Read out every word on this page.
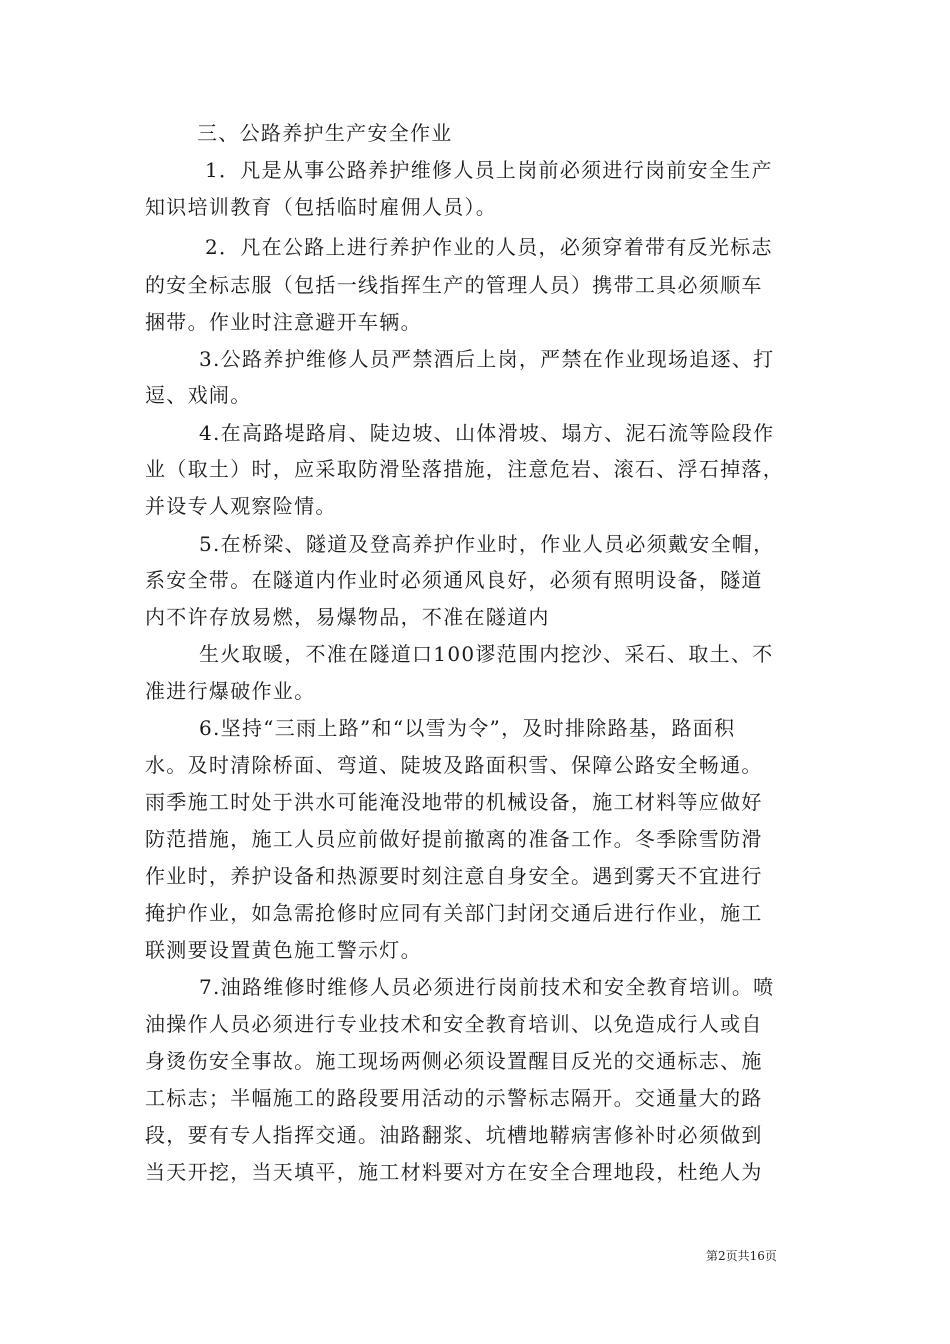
三、公路养护生产安全作业
1．凡是从事公路养护维修人员上岗前必须进行岗前安全生产
知识培训教育（包括临时雇佣人员）。
2．凡在公路上进行养护作业的人员，必须穿着带有反光标志
的安全标志服（包括一线指挥生产的管理人员）携带工具必须顺车
捆带。作业时注意避开车辆。
3.公路养护维修人员严禁酒后上岗，严禁在作业现场追逐、打
逗、戏闹。
4.在高路堤路肩、陡边坡、山体滑坡、塌方、泥石流等险段作
业（取土）时，应采取防滑坠落措施，注意危岩、滚石、浮石掉落，
并设专人观察险情。
5.在桥梁、隧道及登高养护作业时，作业人员必须戴安全帽，
系安全带。在隧道内作业时必须通风良好，必须有照明设备，隧道
内不许存放易燃，易爆物品，不准在隧道内
生火取暖，不准在隧道口100谬范围内挖沙、采石、取土、不
准进行爆破作业。
6.坚持“三雨上路”和“以雪为令”，及时排除路基，路面积
水。及时清除桥面、弯道、陡坡及路面积雪、保障公路安全畅通。
雨季施工时处于洪水可能淹没地带的机械设备，施工材料等应做好
防范措施，施工人员应前做好提前撤离的准备工作。冬季除雪防滑
作业时，养护设备和热源要时刻注意自身安全。遇到雾天不宜进行
掩护作业，如急需抢修时应同有关部门封闭交通后进行作业，施工
联测要设置黄色施工警示灯。
7.油路维修时维修人员必须进行岗前技术和安全教育培训。喷
油操作人员必须进行专业技术和安全教育培训、以免造成行人或自
身烫伤安全事故。施工现场两侧必须设置醒目反光的交通标志、施
工标志；半幅施工的路段要用活动的示警标志隔开。交通量大的路
段，要有专人指挥交通。油路翻浆、坑槽地鞯病害修补时必须做到
当天开挖，当天填平，施工材料要对方在安全合理地段，杜绝人为
第2页共16页
